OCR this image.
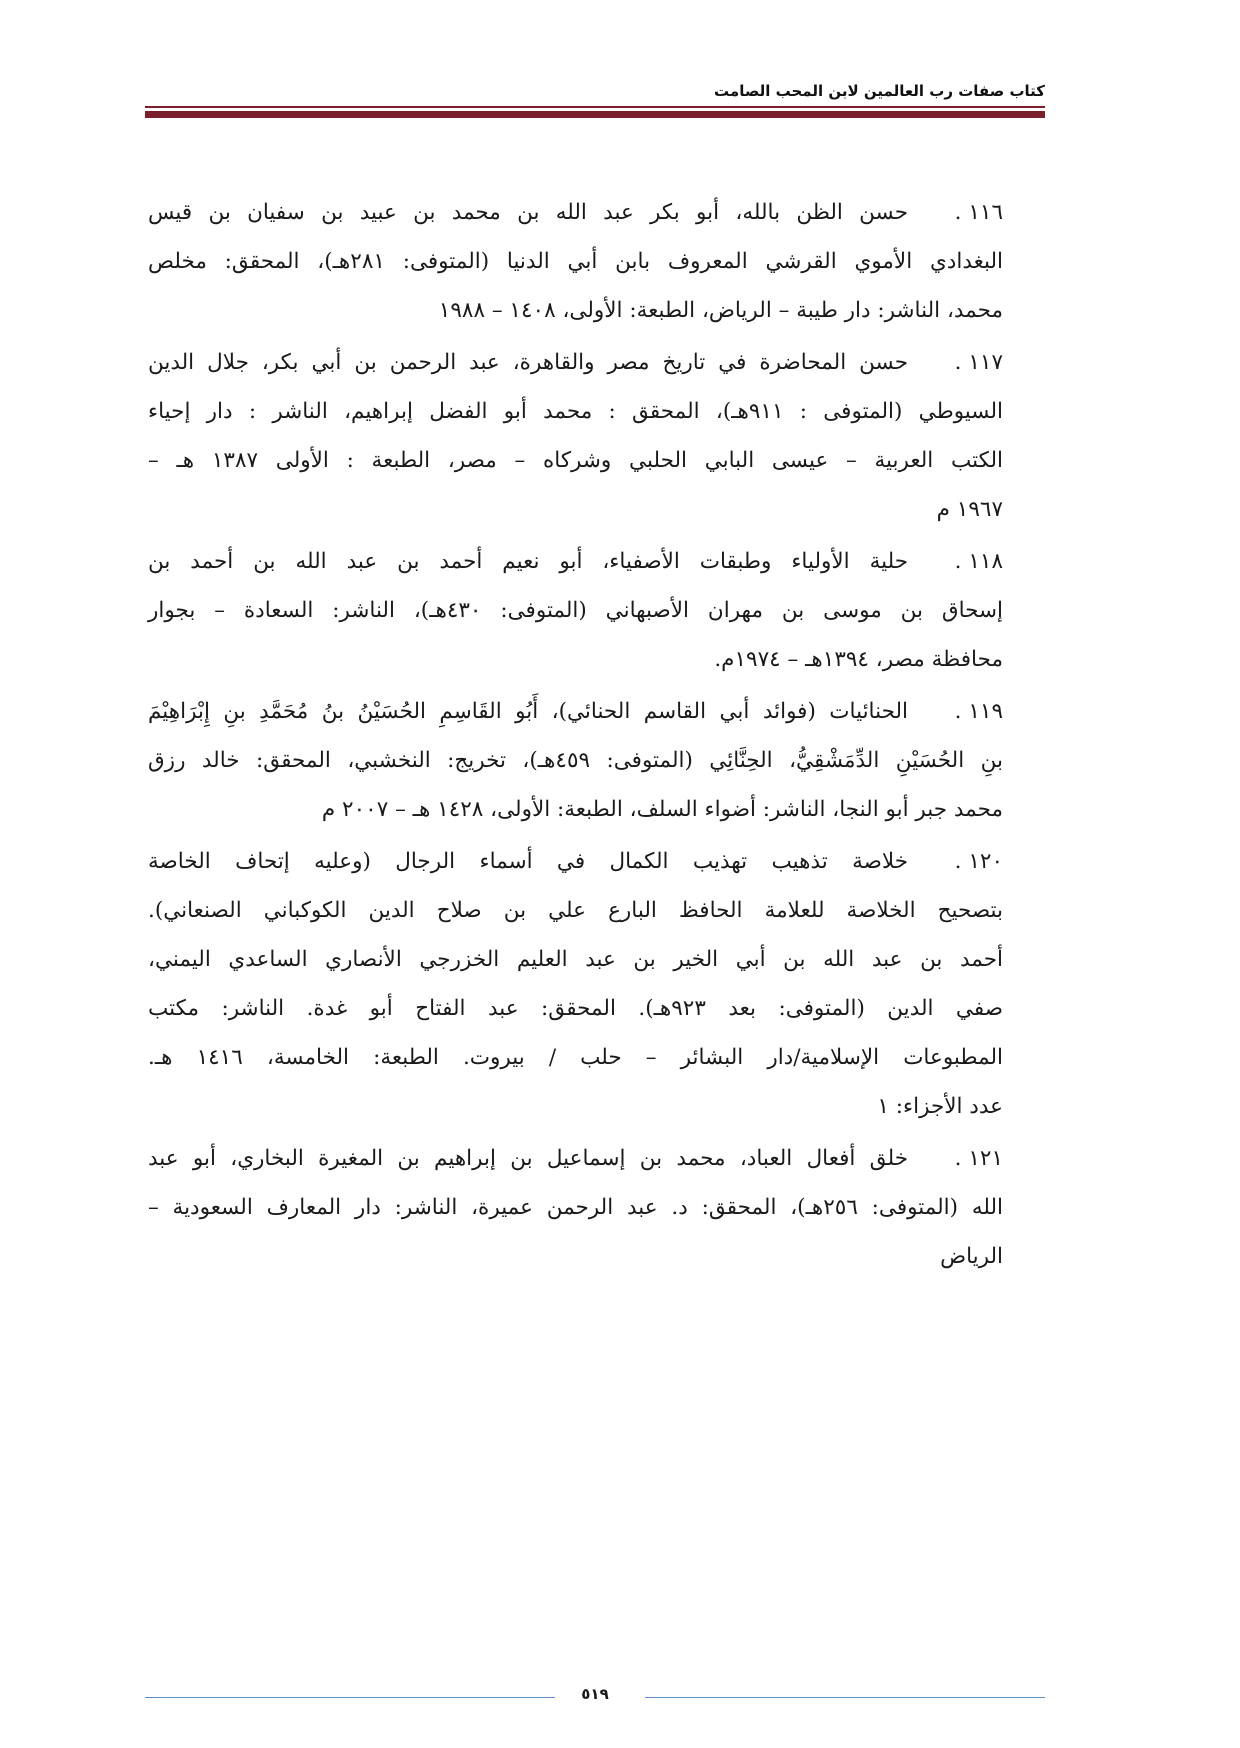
كتاب صفات رب العالمين لابن المحب الصامت
١١٦ .
حسن الظن بالله، أبو بكر عبد الله بن محمد بن عبيد بن سفيان بن قيس
البغدادي الأموي القرشي المعروف بابن أبي الدنيا (المتوفى: ٢٨١هـ)، المحقق: مخلص
محمد، الناشر: دار طيبة – الرياض، الطبعة: الأولى، ١٤٠٨ – ١٩٨٨
١١٧ .
حسن المحاضرة في تاريخ مصر والقاهرة، عبد الرحمن بن أبي بكر، جلال الدين
السيوطي (المتوفى : ٩١١هـ)، المحقق : محمد أبو الفضل إبراهيم، الناشر : دار إحياء
الكتب العربية – عيسى البابي الحلبي وشركاه – مصر، الطبعة : الأولى ١٣٨٧ هـ –
١٩٦٧ م
١١٨ .
حلية الأولياء وطبقات الأصفياء، أبو نعيم أحمد بن عبد الله بن أحمد بن
إسحاق بن موسى بن مهران الأصبهاني (المتوفى: ٤٣٠هـ)، الناشر: السعادة – بجوار
محافظة مصر، ١٣٩٤هـ – ١٩٧٤م.
١١٩ .
الحنائيات (فوائد أبي القاسم الحنائي)، أَبُو القَاسِمِ الحُسَيْنُ بنُ مُحَمَّدِ بنِ إِبْرَاهِيْمَ
بنِ الحُسَيْنِ الدِّمَشْقِيُّ، الحِنَّائِي (المتوفى: ٤٥٩هـ)، تخريج: النخشبي، المحقق: خالد رزق
محمد جبر أبو النجا، الناشر: أضواء السلف، الطبعة: الأولى، ١٤٢٨ هـ – ٢٠٠٧ م
١٢٠ .
خلاصة تذهيب تهذيب الكمال في أسماء الرجال (وعليه إتحاف الخاصة
بتصحيح الخلاصة للعلامة الحافظ البارع علي بن صلاح الدين الكوكباني الصنعاني).
أحمد بن عبد الله بن أبي الخير بن عبد العليم الخزرجي الأنصاري الساعدي اليمني،
صفي الدين (المتوفى: بعد ٩٢٣هـ). المحقق: عبد الفتاح أبو غدة. الناشر: مكتب
المطبوعات الإسلامية/دار البشائر – حلب / بيروت. الطبعة: الخامسة، ١٤١٦ هـ.
عدد الأجزاء: ١
١٢١ .
خلق أفعال العباد، محمد بن إسماعيل بن إبراهيم بن المغيرة البخاري، أبو عبد
الله (المتوفى: ٢٥٦هـ)، المحقق: د. عبد الرحمن عميرة، الناشر: دار المعارف السعودية –
الرياض
٥١٩
